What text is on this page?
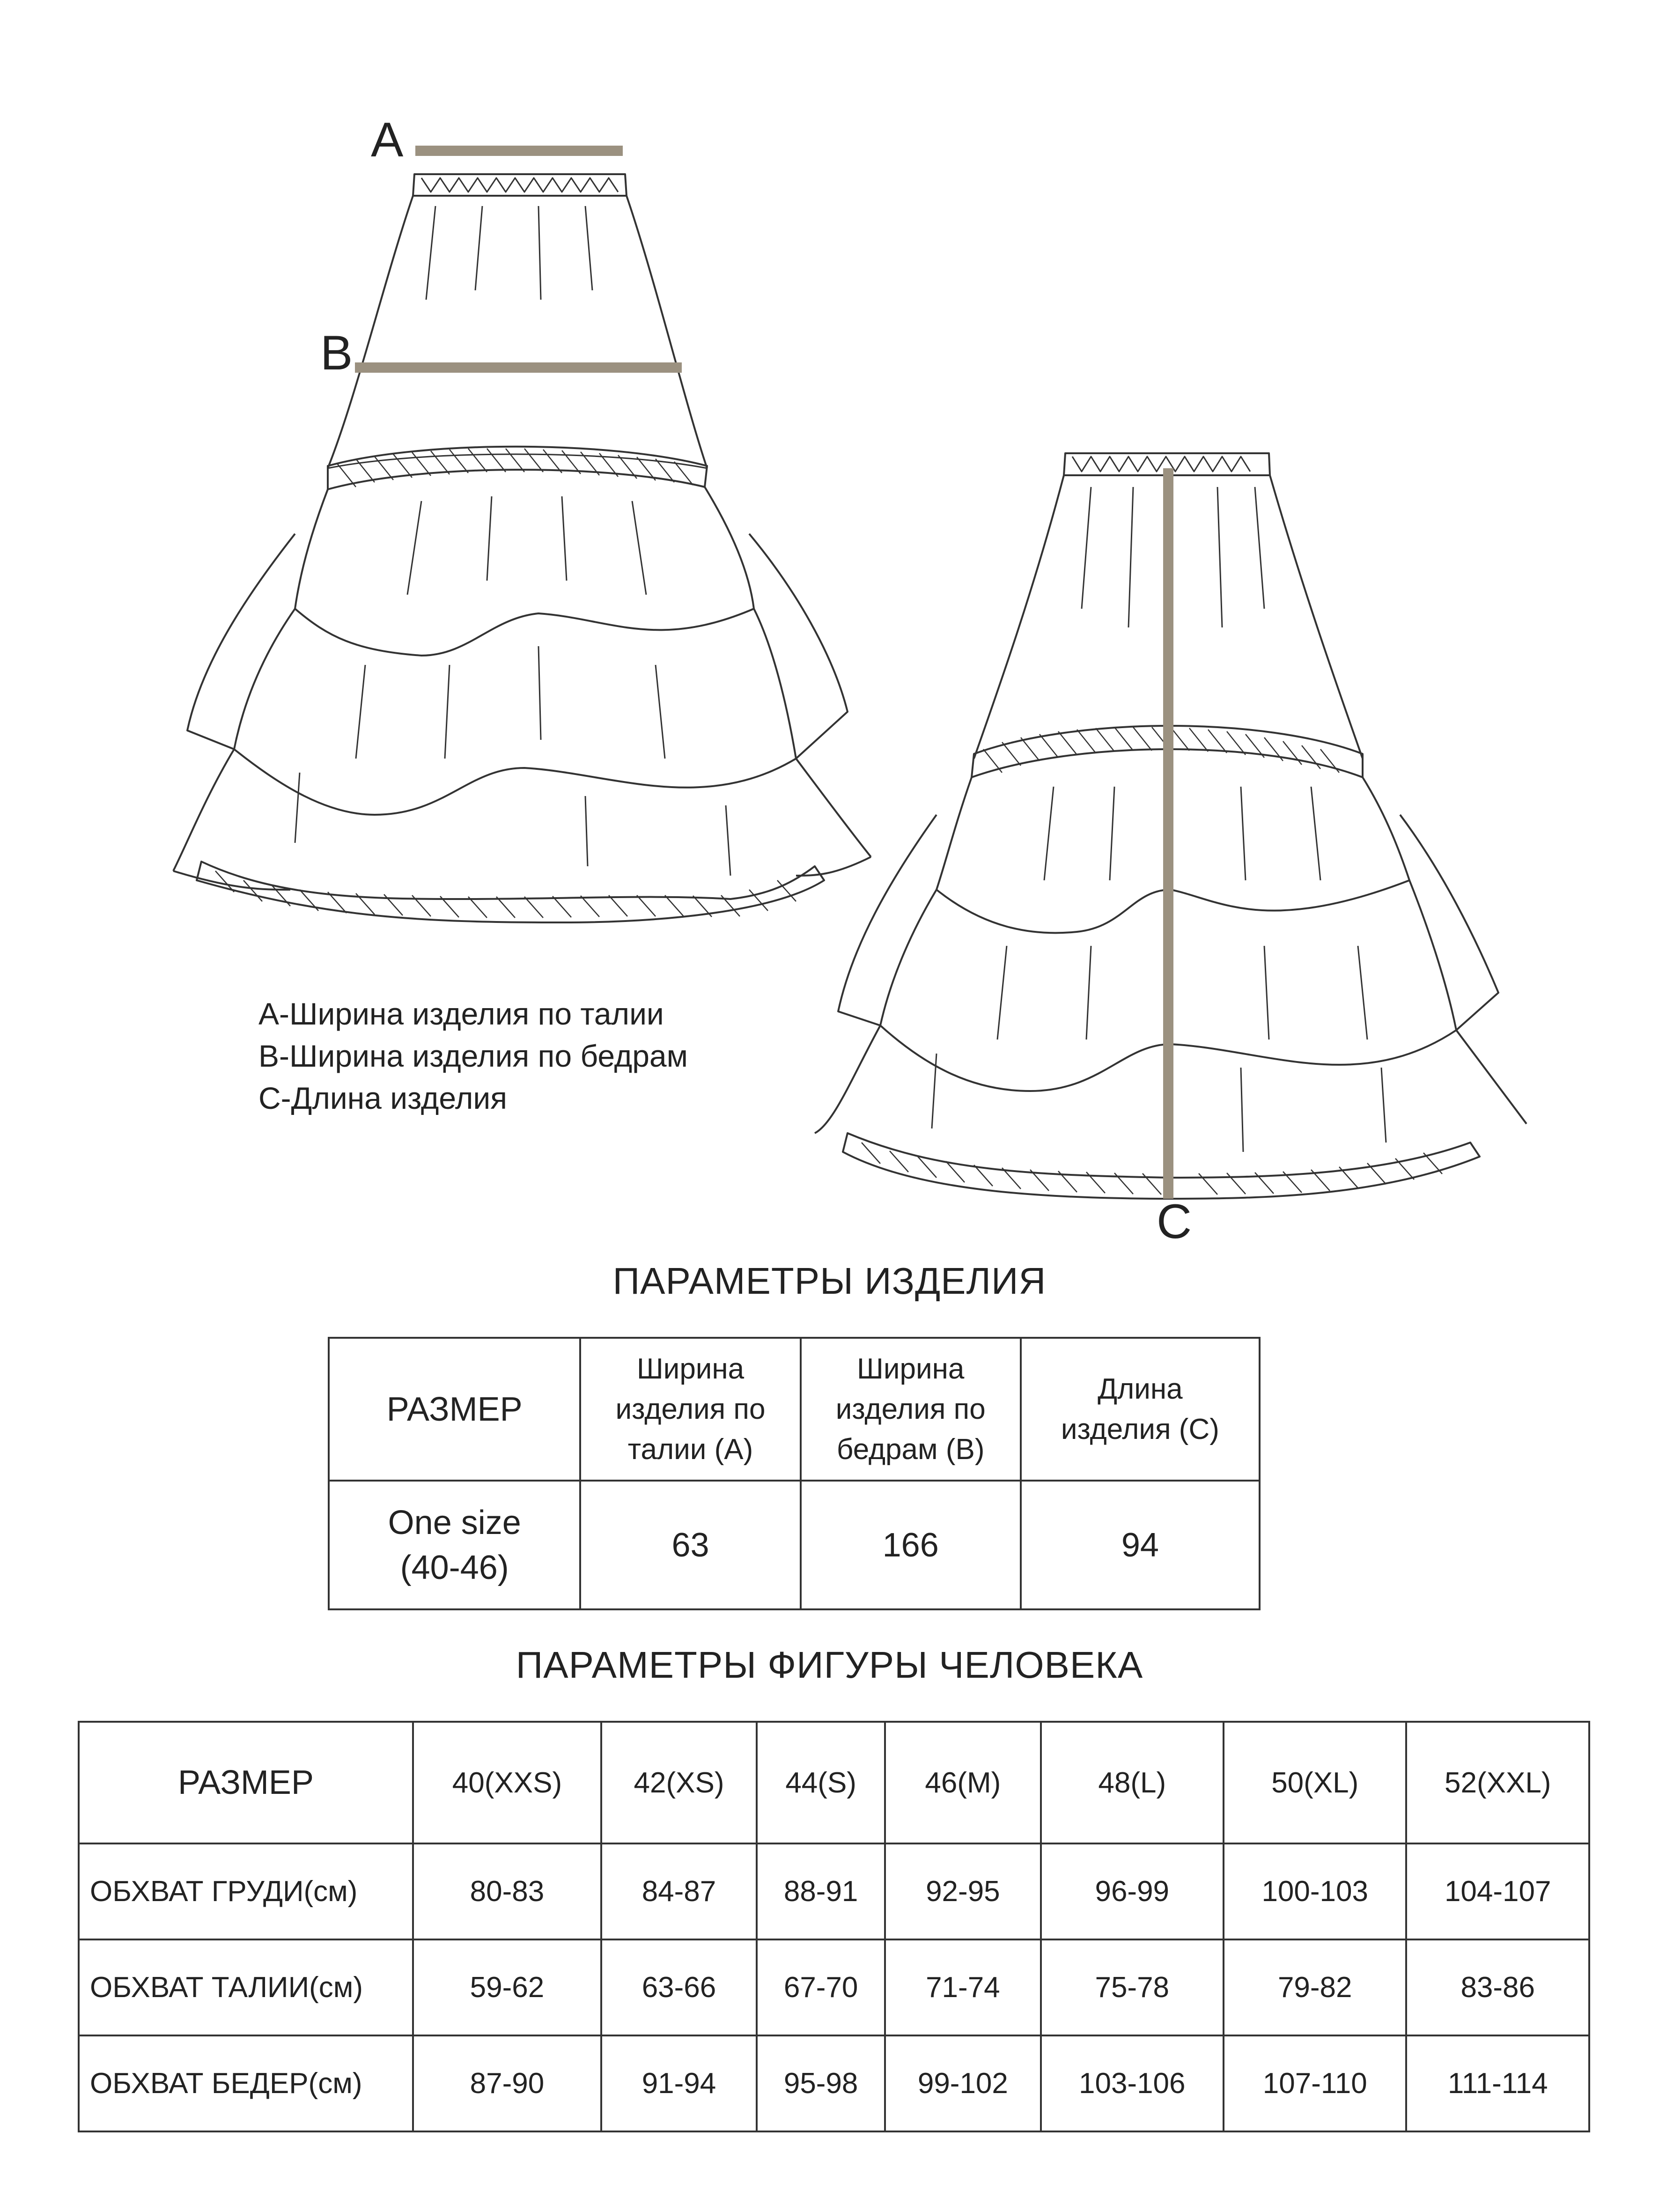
A
B
C
A-Ширина изделия по талии
B-Ширина изделия по бедрам
C-Длина изделия
ПАРАМЕТРЫ ИЗДЕЛИЯ
РАЗМЕР	Ширина изделия по талии (A)	Ширина изделия по бедрам (B)	Длина изделия (C)
One size (40-46)	63	166	94
ПАРАМЕТРЫ ФИГУРЫ ЧЕЛОВЕКА
РАЗМЕР	40(XXS)	42(XS)	44(S)	46(M)	48(L)	50(XL)	52(XXL)
ОБХВАТ ГРУДИ(см)	80-83	84-87	88-91	92-95	96-99	100-103	104-107
ОБХВАТ ТАЛИИ(см)	59-62	63-66	67-70	71-74	75-78	79-82	83-86
ОБХВАТ БЕДЕР(см)	87-90	91-94	95-98	99-102	103-106	107-110	111-114
